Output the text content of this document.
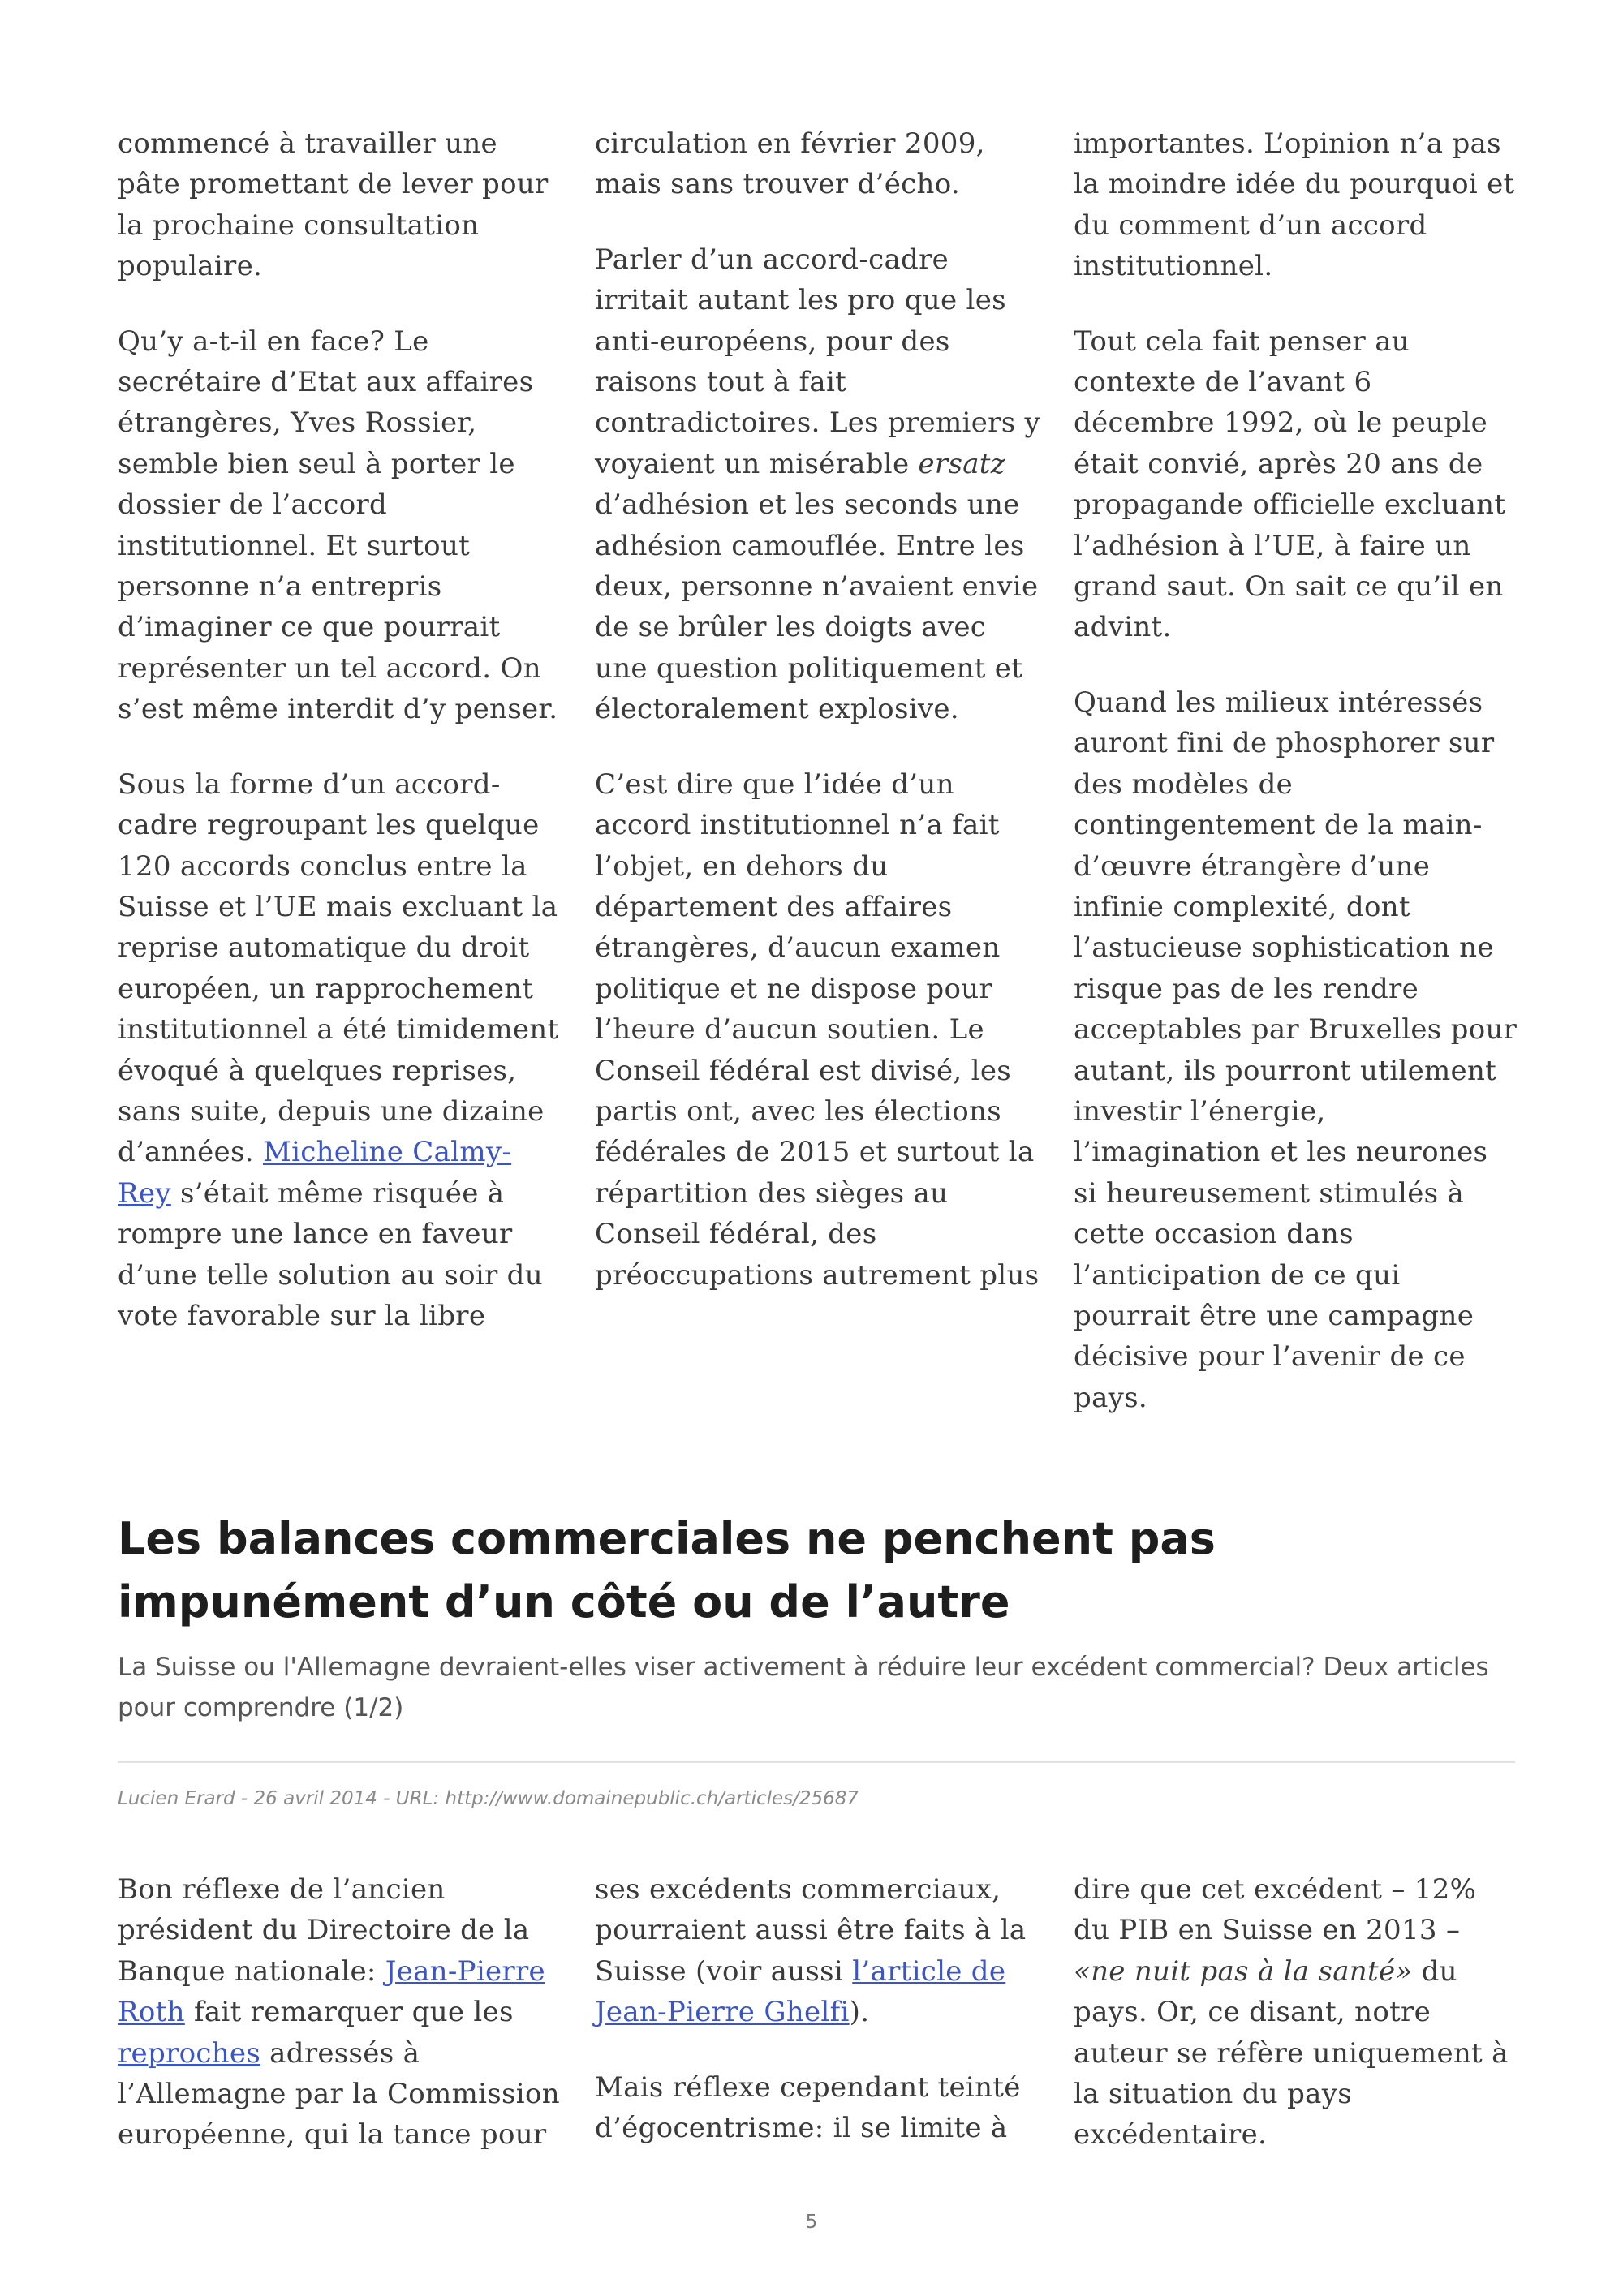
commencé à travailler une pâte promettant de lever pour la prochaine consultation populaire.

Qu’y a-t-il en face? Le secrétaire d’Etat aux affaires étrangères, Yves Rossier, semble bien seul à porter le dossier de l’accord institutionnel. Et surtout personne n’a entrepris d’imaginer ce que pourrait représenter un tel accord. On s’est même interdit d’y penser.

Sous la forme d’un accord-cadre regroupant les quelque 120 accords conclus entre la Suisse et l’UE mais excluant la reprise automatique du droit européen, un rapprochement institutionnel a été timidement évoqué à quelques reprises, sans suite, depuis une dizaine d’années. Micheline Calmy-Rey s’était même risquée à rompre une lance en faveur d’une telle solution au soir du vote favorable sur la libre

circulation en février 2009, mais sans trouver d’écho.

Parler d’un accord-cadre irritait autant les pro que les anti-européens, pour des raisons tout à fait contradictoires. Les premiers y voyaient un misérable ersatz d’adhésion et les seconds une adhésion camouflée. Entre les deux, personne n’avaient envie de se brûler les doigts avec une question politiquement et électoralement explosive.

C’est dire que l’idée d’un accord institutionnel n’a fait l’objet, en dehors du département des affaires étrangères, d’aucun examen politique et ne dispose pour l’heure d’aucun soutien. Le Conseil fédéral est divisé, les partis ont, avec les élections fédérales de 2015 et surtout la répartition des sièges au Conseil fédéral, des préoccupations autrement plus

importantes. L’opinion n’a pas la moindre idée du pourquoi et du comment d’un accord institutionnel.

Tout cela fait penser au contexte de l’avant 6 décembre 1992, où le peuple était convié, après 20 ans de propagande officielle excluant l’adhésion à l’UE, à faire un grand saut. On sait ce qu’il en advint.

Quand les milieux intéressés auront fini de phosphorer sur des modèles de contingentement de la main-d’œuvre étrangère d’une infinie complexité, dont l’astucieuse sophistication ne risque pas de les rendre acceptables par Bruxelles pour autant, ils pourront utilement investir l’énergie, l’imagination et les neurones si heureusement stimulés à cette occasion dans l’anticipation de ce qui pourrait être une campagne décisive pour l’avenir de ce pays.

Les balances commerciales ne penchent pas impunément d’un côté ou de l’autre

La Suisse ou l'Allemagne devraient-elles viser activement à réduire leur excédent commercial? Deux articles pour comprendre (1/2)

Lucien Erard - 26 avril 2014 - URL: http://www.domainepublic.ch/articles/25687

Bon réflexe de l’ancien président du Directoire de la Banque nationale: Jean-Pierre Roth fait remarquer que les reproches adressés à l’Allemagne par la Commission européenne, qui la tance pour

ses excédents commerciaux, pourraient aussi être faits à la Suisse (voir aussi l’article de Jean-Pierre Ghelfi).

Mais réflexe cependant teinté d’égocentrisme: il se limite à

dire que cet excédent – 12% du PIB en Suisse en 2013 – «ne nuit pas à la santé» du pays. Or, ce disant, notre auteur se réfère uniquement à la situation du pays excédentaire.

5
